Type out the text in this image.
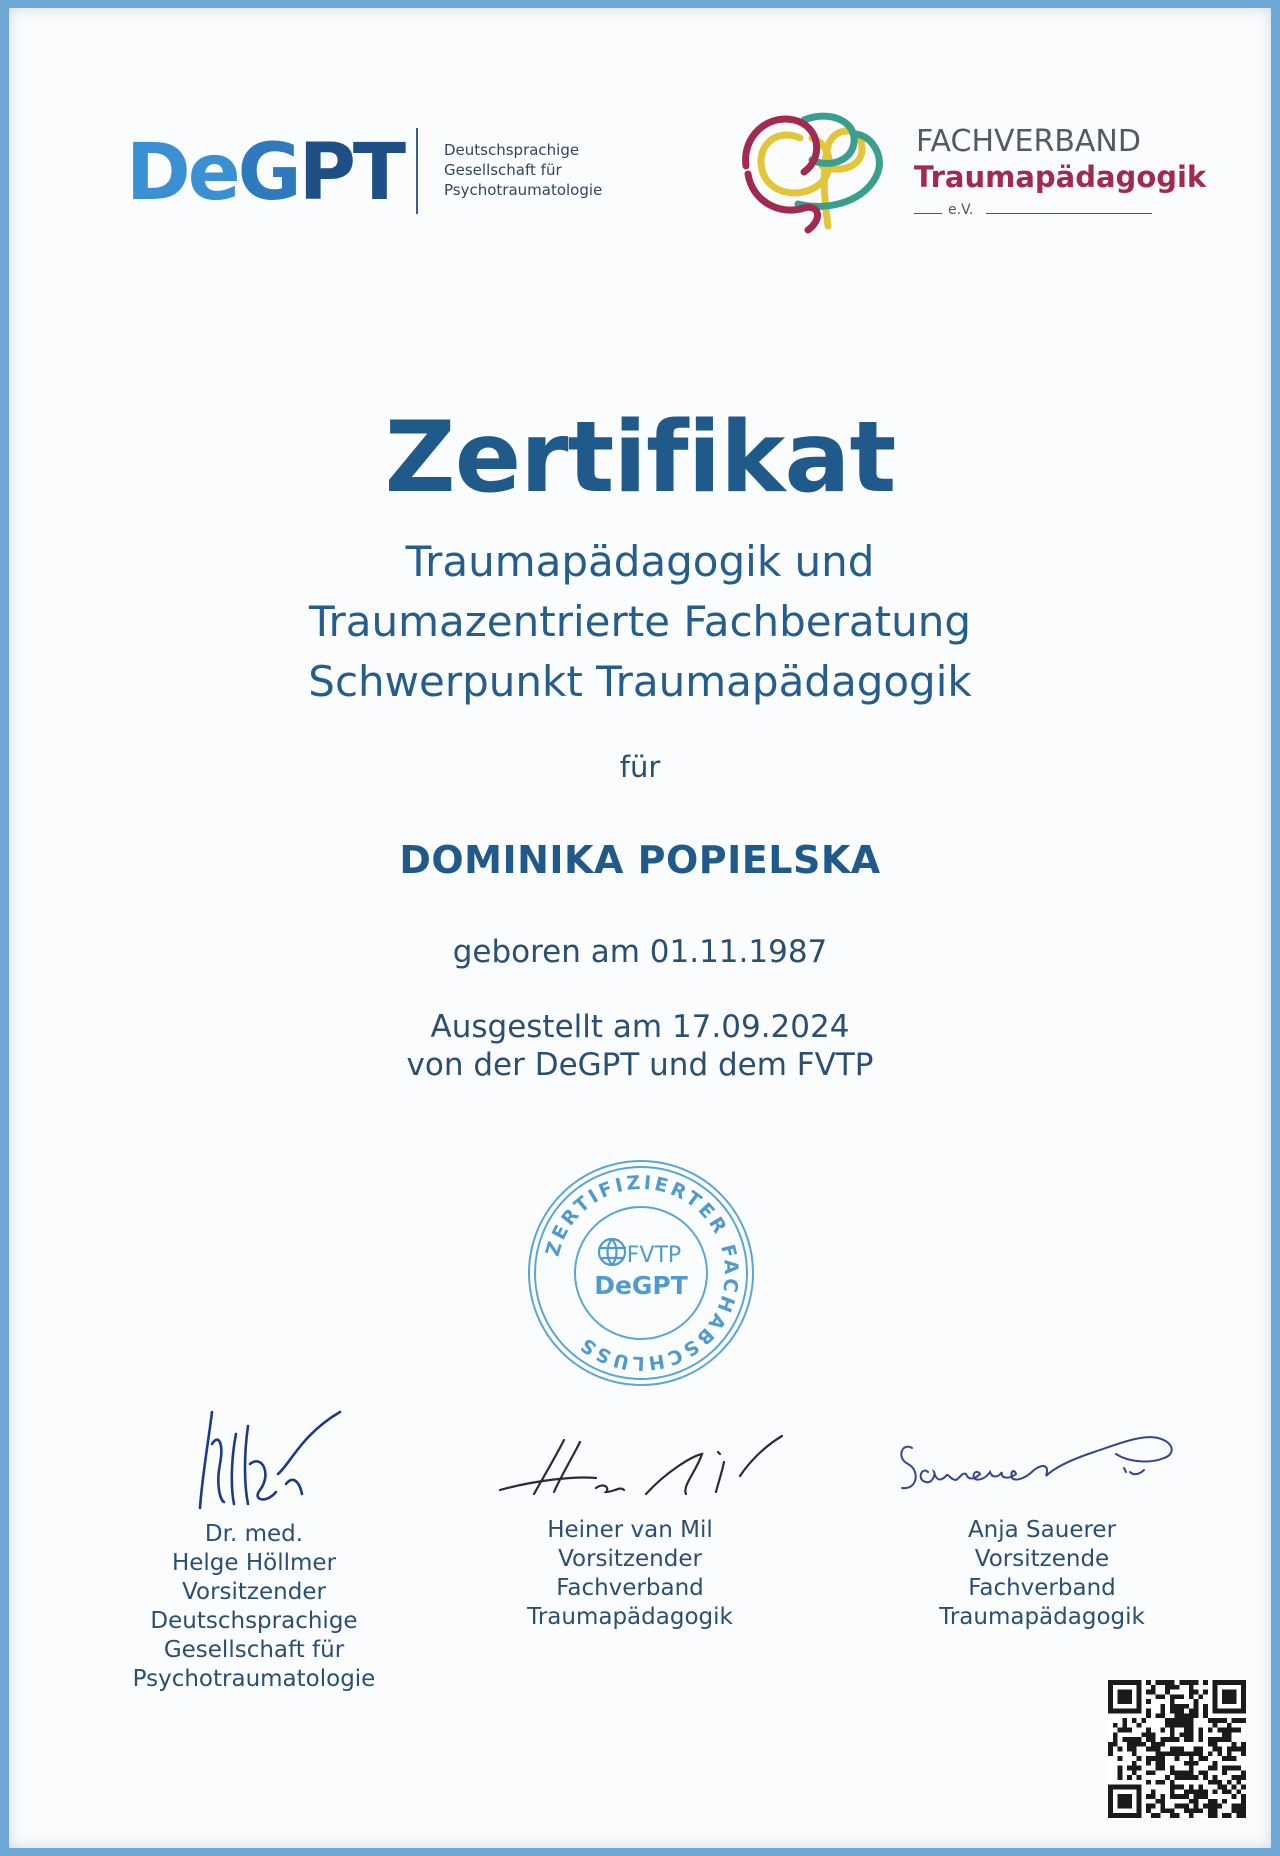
DeGPT	Deutschsprachige
Gesellschaft für
Psychotraumatologie
FACHVERBAND
Traumapädagogik
e.V.
Zertifikat
Traumapädagogik und
Traumazentrierte Fachberatung
Schwerpunkt Traumapädagogik
für
DOMINIKA POPIELSKA
geboren am 01.11.1987
Ausgestellt am 17.09.2024
von der DeGPT und dem FVTP
ZERTIFIZIERTER FACHABSCHLUSS
FVTP
DeGPT
Dr. med.
Helge Höllmer
Vorsitzender
Deutschsprachige
Gesellschaft für
Psychotraumatologie
Heiner van Mil
Vorsitzender
Fachverband
Traumapädagogik
Anja Sauerer
Vorsitzende
Fachverband
Traumapädagogik
